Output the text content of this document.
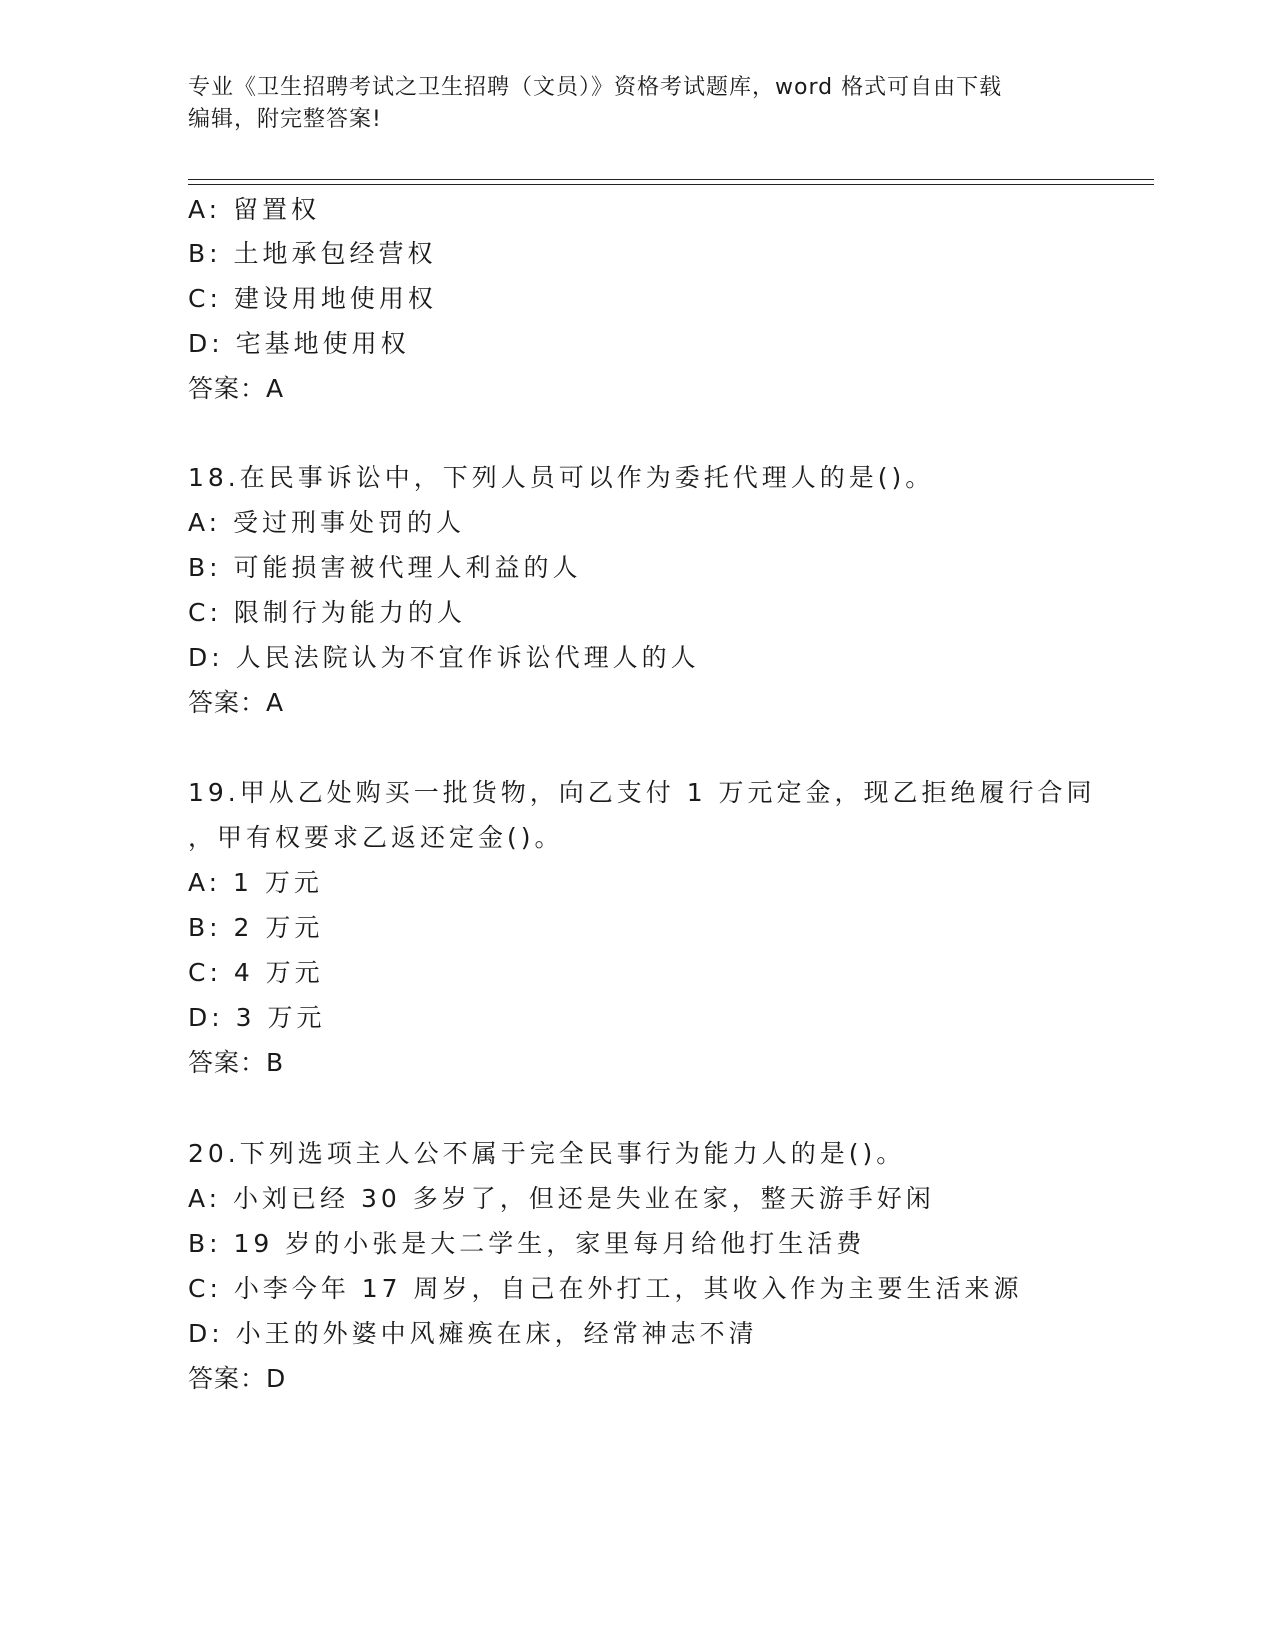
专业《卫生招聘考试之卫生招聘（文员）》资格考试题库，word 格式可自由下载
编辑，附完整答案!
A: 留置权
B: 土地承包经营权
C: 建设用地使用权
D: 宅基地使用权
答案：A
18.在民事诉讼中，下列人员可以作为委托代理人的是()。
A: 受过刑事处罚的人
B: 可能损害被代理人利益的人
C: 限制行为能力的人
D: 人民法院认为不宜作诉讼代理人的人
答案：A
19.甲从乙处购买一批货物，向乙支付 1 万元定金，现乙拒绝履行合同
，甲有权要求乙返还定金()。
A: 1 万元
B: 2 万元
C: 4 万元
D: 3 万元
答案：B
20.下列选项主人公不属于完全民事行为能力人的是()。
A: 小刘已经 30 多岁了，但还是失业在家，整天游手好闲
B: 19 岁的小张是大二学生，家里每月给他打生活费
C: 小李今年 17 周岁，自己在外打工，其收入作为主要生活来源
D: 小王的外婆中风瘫痪在床，经常神志不清
答案：D
